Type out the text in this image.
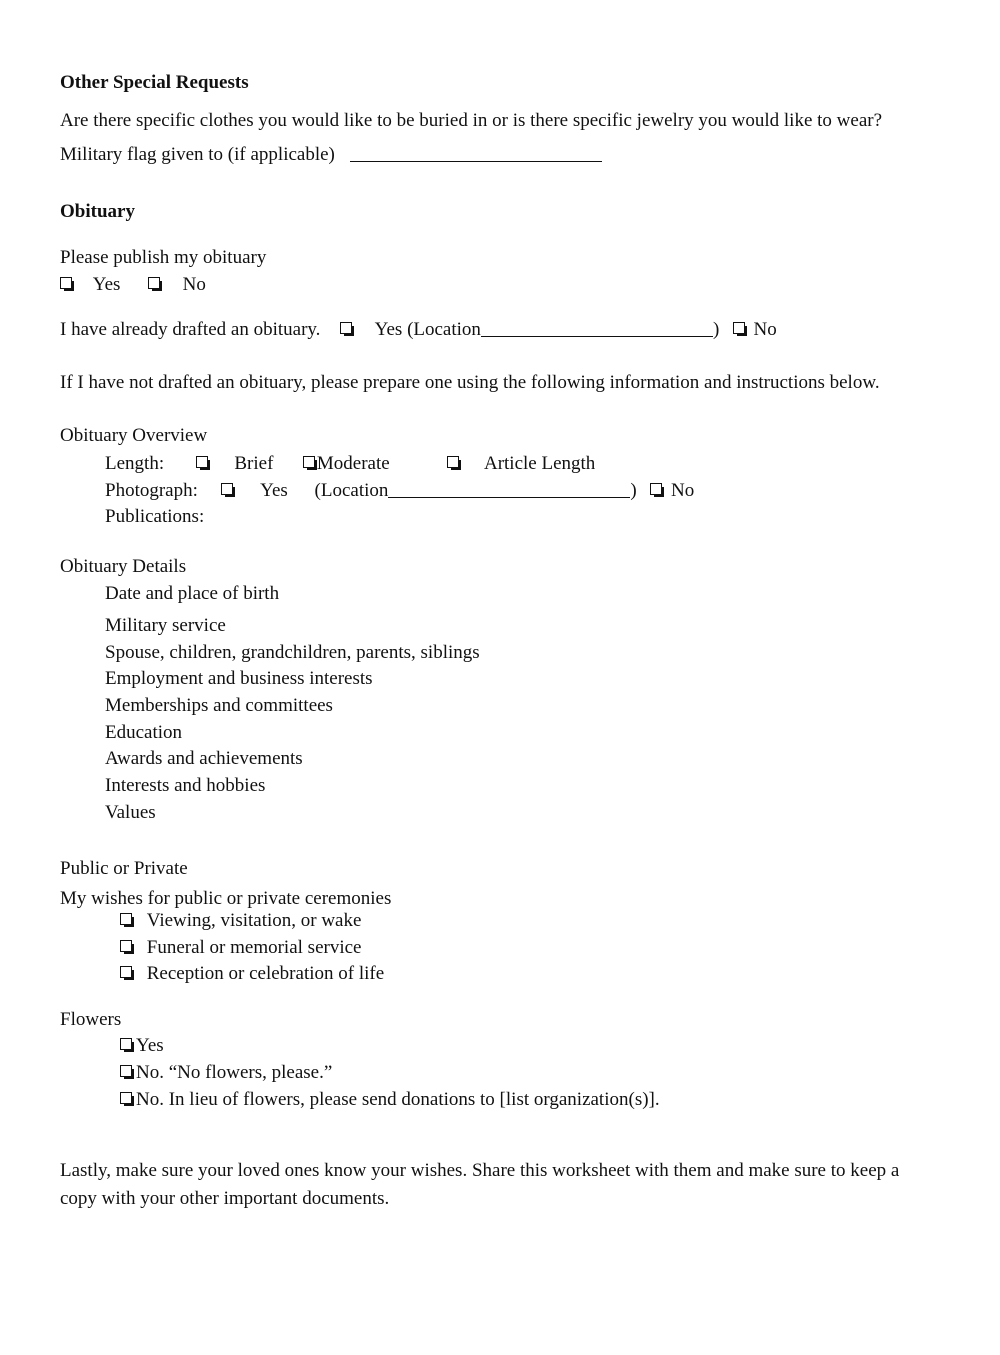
Other Special Requests
Are there specific clothes you would like to be buried in or is there specific jewelry you would like to wear?
Military flag given to (if applicable)
Obituary
Please publish my obituary
Yes	No
I have already drafted an obituary.	Yes (Location	) No
If I have not drafted an obituary, please prepare one using the following information and instructions below.
Obituary Overview
Length:	Brief Moderate	Article Length
Photograph:	Yes (Location	) No
Publications:
Obituary Details
Date and place of birth
Military service
Spouse, children, grandchildren, parents, siblings
Employment and business interests
Memberships and committees
Education
Awards and achievements
Interests and hobbies
Values
Public or Private
My wishes for public or private ceremonies
Viewing, visitation, or wake
Funeral or memorial service
Reception or celebration of life
Flowers
Yes
No. “No flowers, please.”
No. In lieu of flowers, please send donations to [list organization(s)].
Lastly, make sure your loved ones know your wishes. Share this worksheet with them and make sure to keep a copy with your other important documents.
